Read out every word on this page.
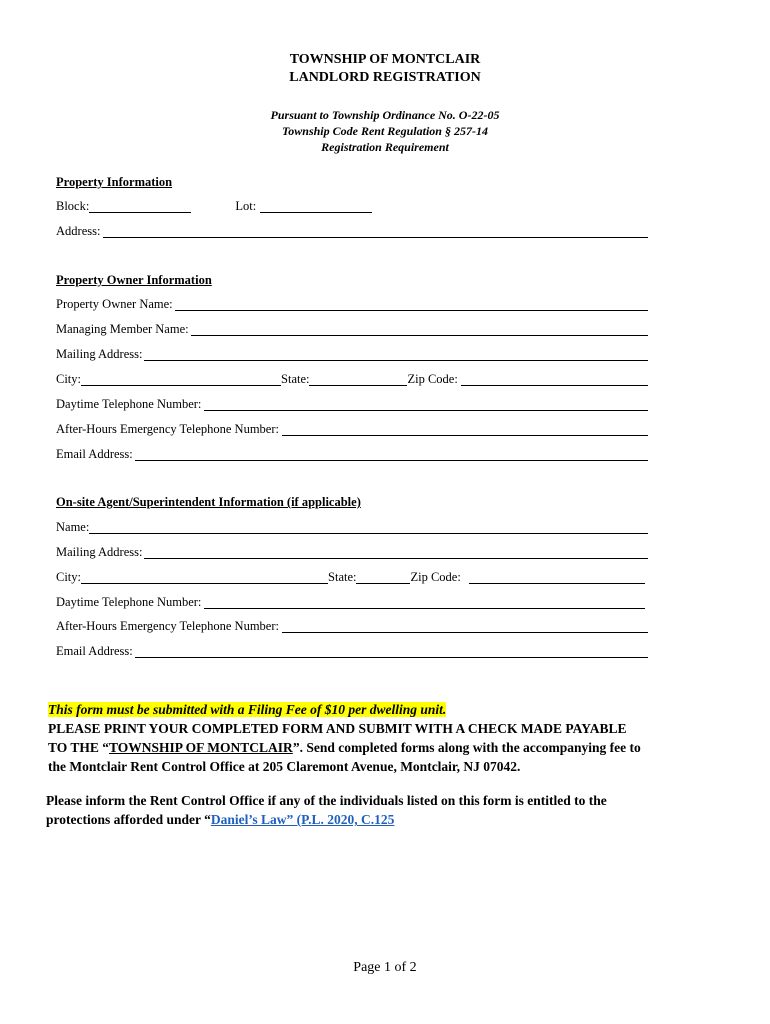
TOWNSHIP OF MONTCLAIR
LANDLORD REGISTRATION
Pursuant to Township Ordinance No. O-22-05
Township Code Rent Regulation § 257-14
Registration Requirement
Property Information
Block:	Lot:
Address:
Property Owner Information
Property Owner Name:
Managing Member Name:
Mailing Address:
City:	State:	Zip Code:
Daytime Telephone Number:
After-Hours Emergency Telephone Number:
Email Address:
On-site Agent/Superintendent Information (if applicable)
Name:
Mailing Address:
City:	State:	Zip Code:
Daytime Telephone Number:
After-Hours Emergency Telephone Number:
Email Address:
This form must be submitted with a Filing Fee of $10 per dwelling unit.
PLEASE PRINT YOUR COMPLETED FORM AND SUBMIT WITH A CHECK MADE PAYABLE
TO THE “TOWNSHIP OF MONTCLAIR”. Send completed forms along with the accompanying fee to
the Montclair Rent Control Office at 205 Claremont Avenue, Montclair, NJ 07042.
Please inform the Rent Control Office if any of the individuals listed on this form is entitled to the
protections afforded under “Daniel’s Law” (P.L. 2020, C.125
Page 1 of 2
